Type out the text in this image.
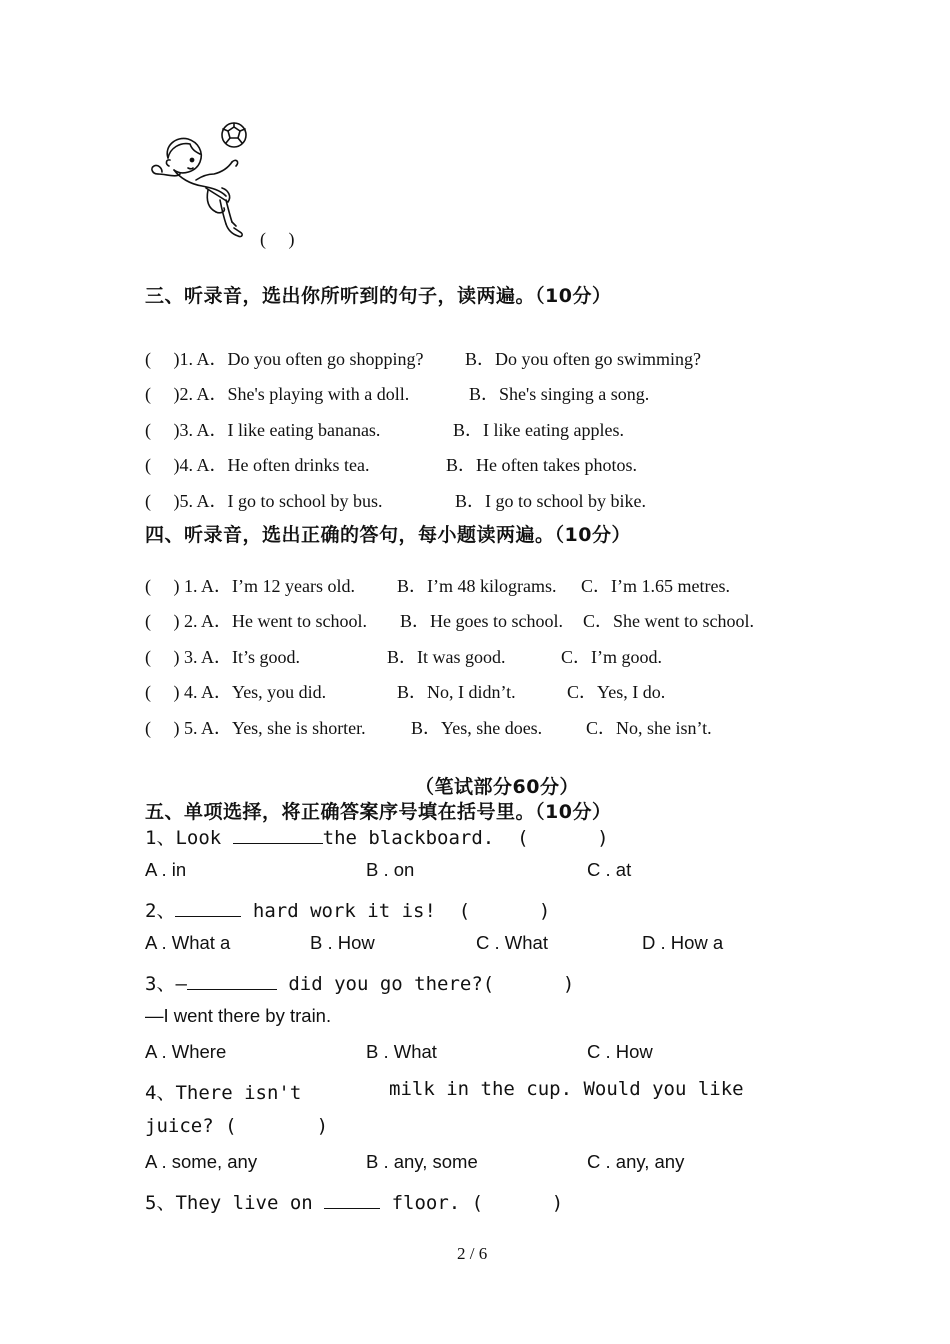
(     )
三、听录音，选出你所听到的句子，读两遍。（10分）
(     )1. A．Do you often go shopping? B．Do you often go swimming?
(     )2. A．She's playing with a doll.	B．She's singing a song.
(     )3. A．I like eating bananas.	B．I like eating apples.
(     )4. A．He often drinks tea.	B．He often takes photos.
(     )5. A．I go to school by bus.	B．I go to school by bike.
四、听录音，选出正确的答句，每小题读两遍。（10分）
(     ) 1. A．I’m 12 years old. B．I’m 48 kilograms. C．I’m 1.65 metres.
(     ) 2. A．He went to school. B．He goes to school. C．She went to school.
(     ) 3. A．It’s good.	B．It was good.	C．I’m good.
(     ) 4. A．Yes, you did.	B．No, I didn’t.	C．Yes, I do.
(     ) 5. A．Yes, she is shorter.	B．Yes, she does. C．No, she isn’t.
（笔试部分60分）
五、单项选择，将正确答案序号填在括号里。（10分）
1、Look	the blackboard.  (      )
A . in	B . on	C . at
2、	hard work it is!  (      )
A . What a	B . How	C . What	D . How a
3、—	did you go there?(      )
—I went there by train.
A . Where	B . What	C . How
4、There isn't	milk in the cup. Would you like
juice? (       )
A . some, any	B . any, some	C . any, any
5、They live on	floor. (      )
2 / 6
